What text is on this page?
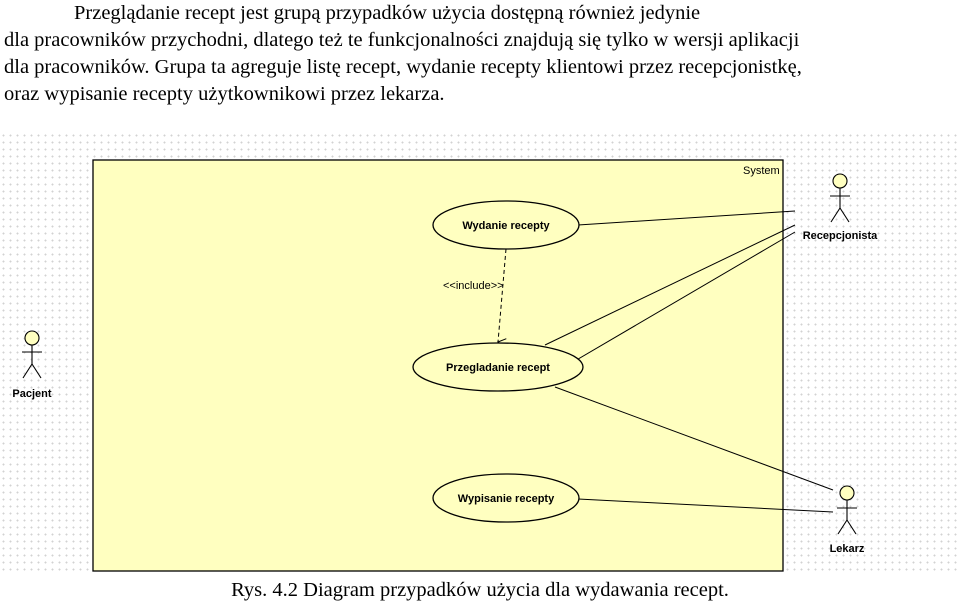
Przeglądanie recept jest grupą przypadków użycia dostępną również jedynie
dla pracowników przychodni, dlatego też te funkcjonalności znajdują się tylko w wersji aplikacji
dla pracowników. Grupa ta agreguje listę recept, wydanie recepty klientowi przez recepcjonistkę,
oraz wypisanie recepty użytkownikowi przez lekarza.
System
<<include>>
Wydanie recepty
Przegladanie recept
Wypisanie recepty
Recepcjonista
Pacjent
Lekarz
Rys. 4.2 Diagram przypadków użycia dla wydawania recept.
